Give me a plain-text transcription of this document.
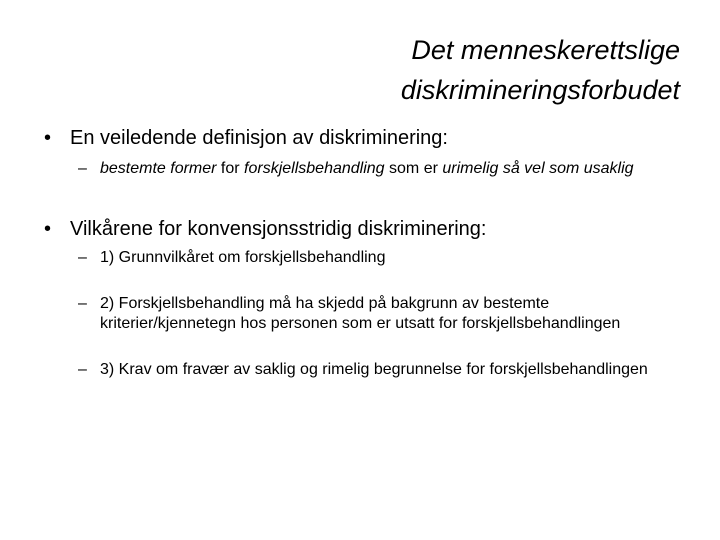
Det menneskerettslige
diskrimineringsforbudet
• En veiledende definisjon av diskriminering:
– bestemte former for forskjellsbehandling som er urimelig så vel som usaklig
• Vilkårene for konvensjonsstridig diskriminering:
– 1) Grunnvilkåret om forskjellsbehandling
– 2) Forskjellsbehandling må ha skjedd på bakgrunn av bestemte kriterier/kjennetegn hos personen som er utsatt for forskjellsbehandlingen
– 3) Krav om fravær av saklig og rimelig begrunnelse for forskjellsbehandlingen
